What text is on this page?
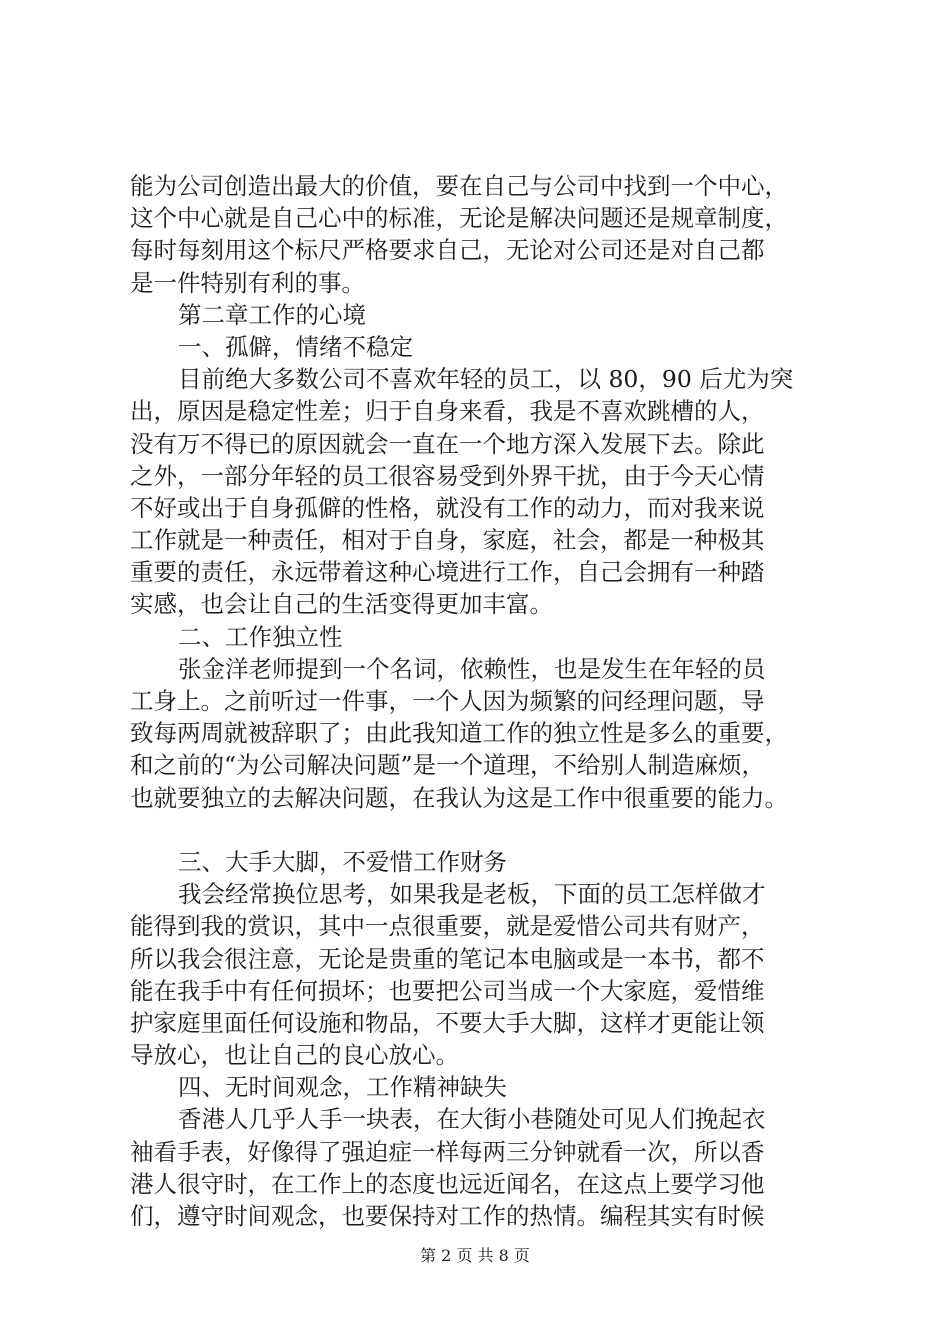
能为公司创造出最大的价值，要在自己与公司中找到一个中心，
这个中心就是自己心中的标准，无论是解决问题还是规章制度，
每时每刻用这个标尺严格要求自己，无论对公司还是对自己都
是一件特别有利的事。
第二章工作的心境
一、孤僻，情绪不稳定
目前绝大多数公司不喜欢年轻的员工，以 80，90 后尤为突
出，原因是稳定性差；归于自身来看，我是不喜欢跳槽的人，
没有万不得已的原因就会一直在一个地方深入发展下去。除此
之外，一部分年轻的员工很容易受到外界干扰，由于今天心情
不好或出于自身孤僻的性格，就没有工作的动力，而对我来说
工作就是一种责任，相对于自身，家庭，社会，都是一种极其
重要的责任，永远带着这种心境进行工作，自己会拥有一种踏
实感，也会让自己的生活变得更加丰富。
二、工作独立性
张金洋老师提到一个名词，依赖性，也是发生在年轻的员
工身上。之前听过一件事，一个人因为频繁的问经理问题，导
致每两周就被辞职了；由此我知道工作的独立性是多么的重要，
和之前的“为公司解决问题”是一个道理，不给别人制造麻烦，
也就要独立的去解决问题，在我认为这是工作中很重要的能力。
三、大手大脚，不爱惜工作财务
我会经常换位思考，如果我是老板，下面的员工怎样做才
能得到我的赏识，其中一点很重要，就是爱惜公司共有财产，
所以我会很注意，无论是贵重的笔记本电脑或是一本书，都不
能在我手中有任何损坏；也要把公司当成一个大家庭，爱惜维
护家庭里面任何设施和物品，不要大手大脚，这样才更能让领
导放心，也让自己的良心放心。
四、无时间观念，工作精神缺失
香港人几乎人手一块表，在大街小巷随处可见人们挽起衣
袖看手表，好像得了强迫症一样每两三分钟就看一次，所以香
港人很守时，在工作上的态度也远近闻名，在这点上要学习他
们，遵守时间观念，也要保持对工作的热情。编程其实有时候
第 2 页 共 8 页
